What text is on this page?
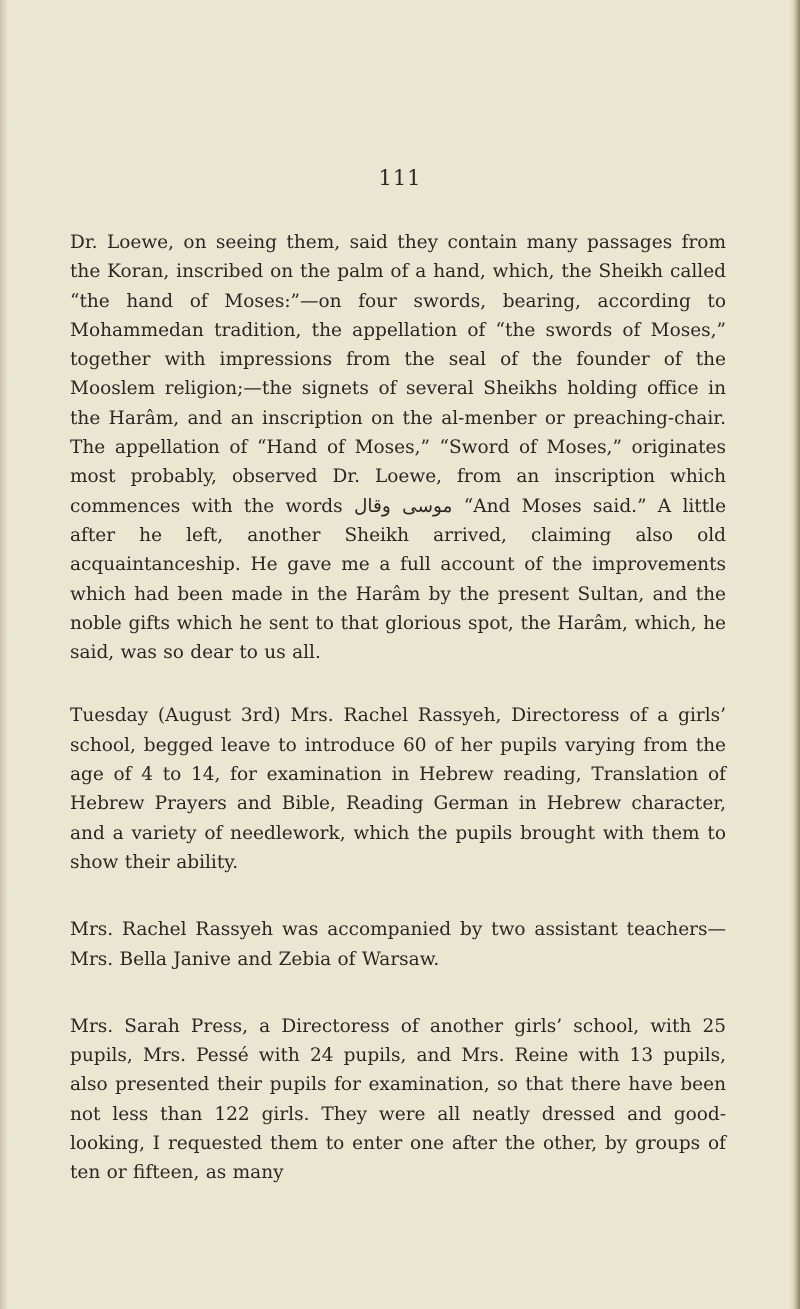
111

Dr. Loewe, on seeing them, said they contain many passages from the Koran, inscribed on the palm of a hand, which, the Sheikh called “the hand of Moses:”—on four swords, bearing, according to Mohammedan tradition, the appellation of “the swords of Moses,” together with impressions from the seal of the founder of the Mooslem religion;—the signets of several Sheikhs holding office in the Harâm, and an inscription on the al-menber or preaching-chair. The appellation of “Hand of Moses,” “Sword of Moses,” originates most probably, observed Dr. Loewe, from an inscription which commences with the words موسى وقال “And Moses said.” A little after he left, another Sheikh arrived, claiming also old acquaintanceship. He gave me a full account of the improvements which had been made in the Harâm by the present Sultan, and the noble gifts which he sent to that glorious spot, the Harâm, which, he said, was so dear to us all.

Tuesday (August 3rd) Mrs. Rachel Rassyeh, Directoress of a girls’ school, begged leave to introduce 60 of her pupils varying from the age of 4 to 14, for examination in Hebrew reading, Translation of Hebrew Prayers and Bible, Reading German in Hebrew character, and a variety of needlework, which the pupils brought with them to show their ability.

Mrs. Rachel Rassyeh was accompanied by two assistant teachers—Mrs. Bella Janive and Zebia of Warsaw.

Mrs. Sarah Press, a Directoress of another girls’ school, with 25 pupils, Mrs. Pessé with 24 pupils, and Mrs. Reine with 13 pupils, also presented their pupils for examination, so that there have been not less than 122 girls. They were all neatly dressed and good-looking, I requested them to enter one after the other, by groups of ten or fifteen, as many
